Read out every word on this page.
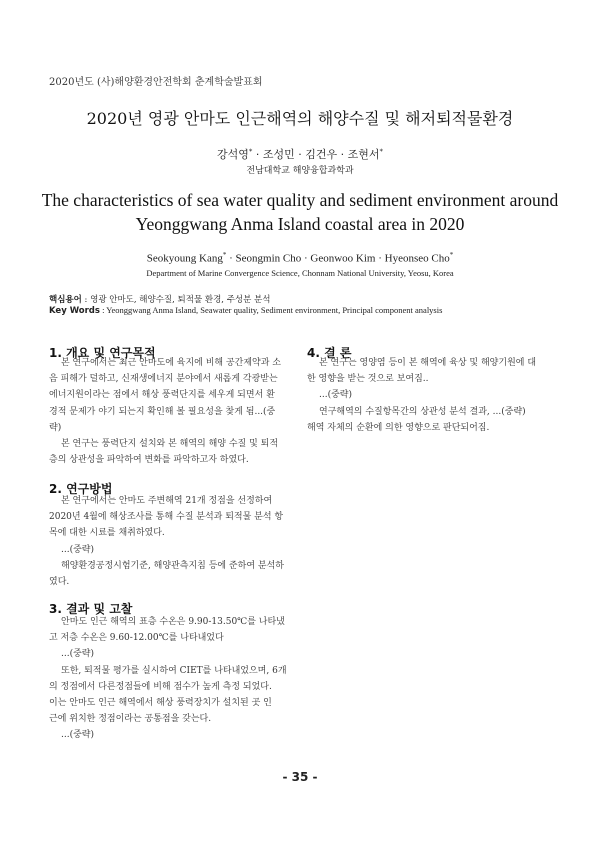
2020년도 (사)해양환경안전학회 춘계학술발표회
2020년 영광 안마도 인근해역의 해양수질 및 해저퇴적물환경
강석영* · 조성민 · 김건우 · 조현서*
전남대학교 해양융합과학과
The characteristics of sea water quality and sediment environment around Yeonggwang Anma Island coastal area in 2020
Seokyoung Kang* · Seongmin Cho · Geonwoo Kim · Hyeonseo Cho*
Department of Marine Convergence Science, Chonnam National University, Yeosu, Korea
핵심용어 : 영광 안마도, 해양수질, 퇴적물 환경, 주성분 분석
Key Words : Yeonggwang Anma Island, Seawater quality, Sediment environment, Principal component analysis
1. 개요 및 연구목적
본 연구에서는 최근 안마도에 육지에 비해 공간제약과 소
음 피해가 덜하고, 신재생에너지 분야에서 새롭게 각광받는
에너지원이라는 점에서 해상 풍력단지를 세우게 되면서 환
경적 문제가 야기 되는지 확인해 볼 필요성을 찾게 됨...(중
략)
본 연구는 풍력단지 설치와 본 해역의 해양 수질 및 퇴적
층의 상관성을 파악하여 변화를 파악하고자 하였다.
2. 연구방법
본 연구에서는 안마도 주변해역 21개 정점을 선정하여
2020년 4월에 해상조사를 통해 수질 분석과 퇴적물 분석 항
목에 대한 시료를 채취하였다.
...(중략)
해양환경공정시험기준, 해양관측지침 등에 준하여 분석하
였다.
3. 결과 및 고찰
안마도 인근 해역의 표층 수온은 9.90-13.50℃를 나타냈
고 저층 수온은 9.60-12.00℃를 나타내었다
...(중략)
또한, 퇴적물 평가를 실시하여 CIET를 나타내었으며, 6개
의 정점에서 다른정점들에 비해 점수가 높게 측정 되었다.
이는 안마도 인근 해역에서 해상 풍력장치가 설치된 곳 인
근에 위치한 정점이라는 공통점을 갖는다.
...(중략)
4. 결 론
본 연구는 영양염 등이 본 해역에 육상 및 해양기원에 대
한 영향을 받는 것으로 보여짐..
...(중략)
연구해역의 수질항목간의 상관성 분석 결과, ...(중략)
해역 자체의 순환에 의한 영향으로 판단되어짐.
- 35 -
